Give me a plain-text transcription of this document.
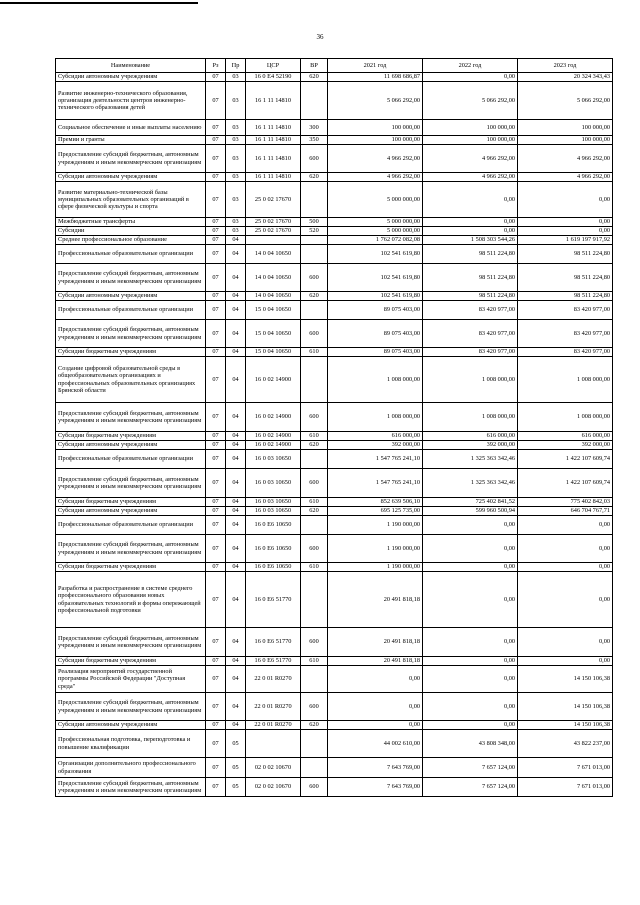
36
Наименование	Рз	Пр	ЦСР	ВР	2021 год	2022 год	2023 год
Субсидии автономным учреждениям	07	03	16 0 Е4 52190	620	11 698 686,87	0,00	20 324 343,43
Развитие инженерно-технического образования, организация деятельности центров инженерно-технического образования детей	07	03	16 1 11 14810		5 066 292,00	5 066 292,00	5 066 292,00
Социальное обеспечение и иные выплаты населению	07	03	16 1 11 14810	300	100 000,00	100 000,00	100 000,00
Премии и гранты	07	03	16 1 11 14810	350	100 000,00	100 000,00	100 000,00
Предоставление субсидий бюджетным, автономным учреждениям и иным некоммерческим организациям	07	03	16 1 11 14810	600	4 966 292,00	4 966 292,00	4 966 292,00
Субсидии автономным учреждениям	07	03	16 1 11 14810	620	4 966 292,00	4 966 292,00	4 966 292,00
Развитие материально-технической базы муниципальных образовательных организаций в сфере физической культуры и спорта	07	03	25 0 02 17670		5 000 000,00	0,00	0,00
Межбюджетные трансферты	07	03	25 0 02 17670	500	5 000 000,00	0,00	0,00
Субсидии	07	03	25 0 02 17670	520	5 000 000,00	0,00	0,00
Среднее профессиональное образование	07	04			1 762 072 082,08	1 508 303 544,26	1 619 197 917,92
Профессиональные образовательные организации	07	04	14 0 04 10650		102 541 619,80	98 511 224,80	98 511 224,80
Предоставление субсидий бюджетным, автономным учреждениям и иным некоммерческим организациям	07	04	14 0 04 10650	600	102 541 619,80	98 511 224,80	98 511 224,80
Субсидии автономным учреждениям	07	04	14 0 04 10650	620	102 541 619,80	98 511 224,80	98 511 224,80
Профессиональные образовательные организации	07	04	15 0 04 10650		89 075 403,00	83 420 977,00	83 420 977,00
Предоставление субсидий бюджетным, автономным учреждениям и иным некоммерческим организациям	07	04	15 0 04 10650	600	89 075 403,00	83 420 977,00	83 420 977,00
Субсидии бюджетным учреждениям	07	04	15 0 04 10650	610	89 075 403,00	83 420 977,00	83 420 977,00
Создание цифровой образовательной среды в общеобразовательных организациях и профессиональных образовательных организациях Брянской области	07	04	16 0 02 14900		1 008 000,00	1 008 000,00	1 008 000,00
Предоставление субсидий бюджетным, автономным учреждениям и иным некоммерческим организациям	07	04	16 0 02 14900	600	1 008 000,00	1 008 000,00	1 008 000,00
Субсидии бюджетным учреждениям	07	04	16 0 02 14900	610	616 000,00	616 000,00	616 000,00
Субсидии автономным учреждениям	07	04	16 0 02 14900	620	392 000,00	392 000,00	392 000,00
Профессиональные образовательные организации	07	04	16 0 03 10650		1 547 765 241,10	1 325 363 342,46	1 422 107 609,74
Предоставление субсидий бюджетным, автономным учреждениям и иным некоммерческим организациям	07	04	16 0 03 10650	600	1 547 765 241,10	1 325 363 342,46	1 422 107 609,74
Субсидии бюджетным учреждениям	07	04	16 0 03 10650	610	852 639 506,10	725 402 841,52	775 402 842,03
Субсидии автономным учреждениям	07	04	16 0 03 10650	620	695 125 735,00	599 960 500,94	646 704 767,71
Профессиональные образовательные организации	07	04	16 0 Е6 10650		1 190 000,00	0,00	0,00
Предоставление субсидий бюджетным, автономным учреждениям и иным некоммерческим организациям	07	04	16 0 Е6 10650	600	1 190 000,00	0,00	0,00
Субсидии бюджетным учреждениям	07	04	16 0 Е6 10650	610	1 190 000,00	0,00	0,00
Разработка и распространение в системе среднего профессионального образования новых образовательных технологий и формы опережающей профессиональной подготовки	07	04	16 0 Е6 51770		20 491 818,18	0,00	0,00
Предоставление субсидий бюджетным, автономным учреждениям и иным некоммерческим организациям	07	04	16 0 Е6 51770	600	20 491 818,18	0,00	0,00
Субсидии бюджетным учреждениям	07	04	16 0 Е6 51770	610	20 491 818,18	0,00	0,00
Реализация мероприятий государственной программы Российской Федерации "Доступная среда"	07	04	22 0 01 R0270		0,00	0,00	14 150 106,38
Предоставление субсидий бюджетным, автономным учреждениям и иным некоммерческим организациям	07	04	22 0 01 R0270	600	0,00	0,00	14 150 106,38
Субсидии автономным учреждениям	07	04	22 0 01 R0270	620	0,00	0,00	14 150 106,38
Профессиональная подготовка, переподготовка и повышение квалификации	07	05			44 002 610,00	43 808 348,00	43 822 237,00
Организации дополнительного профессионального образования	07	05	02 0 02 10670		7 643 769,00	7 657 124,00	7 671 013,00
Предоставление субсидий бюджетным, автономным учреждениям и иным некоммерческим организациям	07	05	02 0 02 10670	600	7 643 769,00	7 657 124,00	7 671 013,00
